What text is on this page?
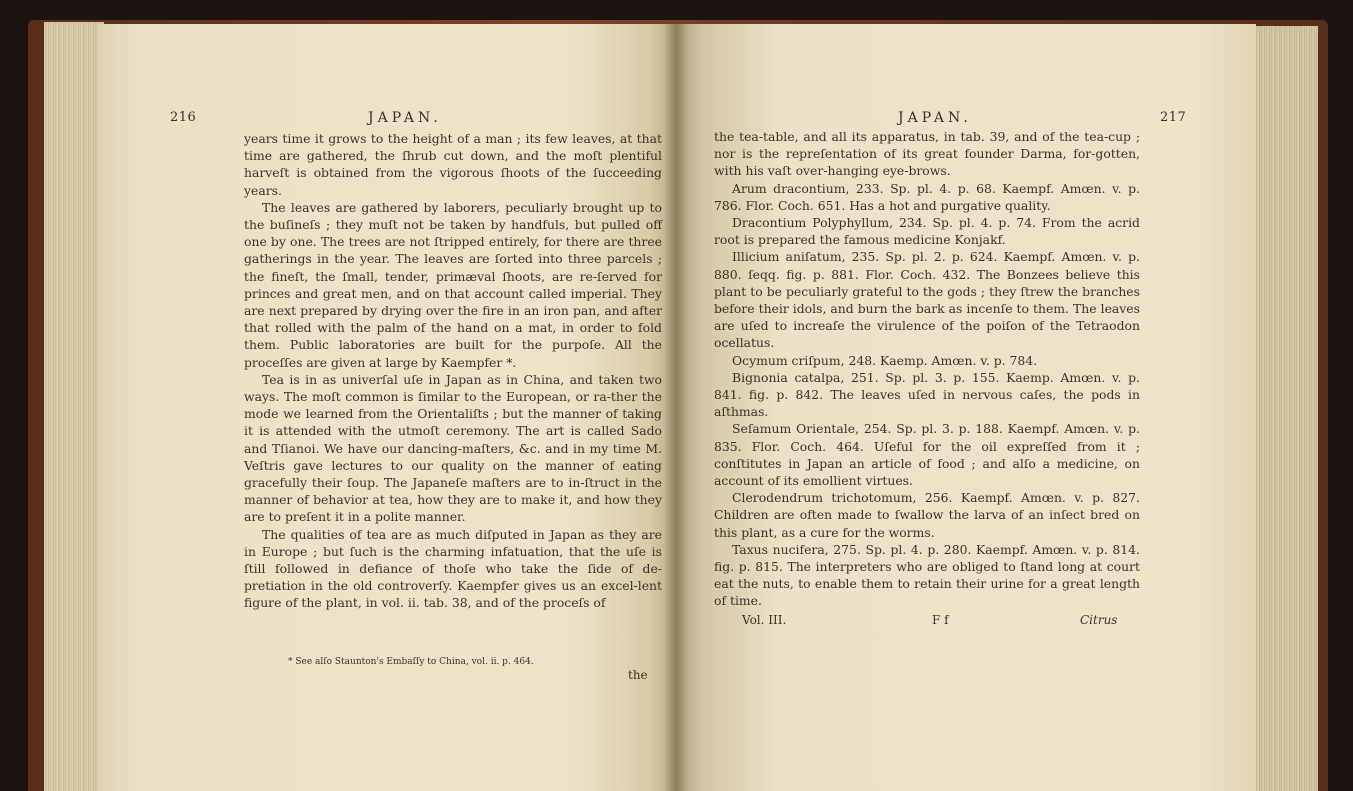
216	JAPAN.

years time it grows to the height of a man ; its few leaves, at that time are gathered, the ſhrub cut down, and the moſt plentiful harveſt is obtained from the vigorous ſhoots of the ſucceeding years.

The leaves are gathered by laborers, peculiarly brought up to the buſineſs ; they muſt not be taken by handfuls, but pulled off one by one. The trees are not ſtripped entirely, for there are three gatherings in the year. The leaves are ſorted into three parcels ; the fineſt, the ſmall, tender, primæval ſhoots, are re-ſerved for princes and great men, and on that account called imperial. They are next prepared by drying over the fire in an iron pan, and after that rolled with the palm of the hand on a mat, in order to fold them. Public laboratories are built for the purpoſe. All the proceſſes are given at large by Kaempfer *.

Tea is in as univerſal uſe in Japan as in China, and taken two ways. The moſt common is ſimilar to the European, or ra-ther the mode we learned from the Orientaliſts ; but the manner of taking it is attended with the utmoſt ceremony. The art is called Sado and Tſianoi. We have our dancing-maſters, &c. and in my time M. Veſtris gave lectures to our quality on the manner of eating gracefully their ſoup. The Japaneſe maſters are to in-ſtruct in the manner of behavior at tea, how they are to make it, and how they are to preſent it in a polite manner.

The qualities of tea are as much diſputed in Japan as they are in Europe ; but ſuch is the charming infatuation, that the uſe is ſtill followed in defiance of thoſe who take the ſide of de-pretiation in the old controverſy. Kaempfer gives us an excel-lent figure of the plant, in vol. ii. tab. 38, and of the proceſs of

* See alſo Staunton's Embaſſy to China, vol. ii. p. 464.
the
JAPAN.	217

the tea-table, and all its apparatus, in tab. 39, and of the tea-cup ; nor is the repreſentation of its great founder Darma, for-gotten, with his vaſt over-hanging eye-brows.

Arum dracontium, 233. Sp. pl. 4. p. 68. Kaempf. Amœn. v. p. 786. Flor. Coch. 651. Has a hot and purgative quality.

Dracontium Polyphyllum, 234. Sp. pl. 4. p. 74. From the acrid root is prepared the famous medicine Konjakf.

Illicium aniſatum, 235. Sp. pl. 2. p. 624. Kaempf. Amœn. v. p. 880. ſeqq. fig. p. 881. Flor. Coch. 432. The Bonzees believe this plant to be peculiarly grateful to the gods ; they ſtrew the branches before their idols, and burn the bark as incenſe to them. The leaves are uſed to increaſe the virulence of the poiſon of the Tetraodon ocellatus.

Ocymum criſpum, 248. Kaemp. Amœn. v. p. 784.

Bignonia catalpa, 251. Sp. pl. 3. p. 155. Kaemp. Amœn. v. p. 841. fig. p. 842. The leaves uſed in nervous caſes, the pods in aſthmas.

Seſamum Orientale, 254. Sp. pl. 3. p. 188. Kaempf. Amœn. v. p. 835. Flor. Coch. 464. Uſeful for the oil expreſſed from it ; conſtitutes in Japan an article of food ; and alſo a medicine, on account of its emollient virtues.

Clerodendrum trichotomum, 256. Kaempf. Amœn. v. p. 827. Children are often made to ſwallow the larva of an inſect bred on this plant, as a cure for the worms.

Taxus nucifera, 275. Sp. pl. 4. p. 280. Kaempf. Amœn. v. p. 814. fig. p. 815. The interpreters who are obliged to ſtand long at court eat the nuts, to enable them to retain their urine for a great length of time.

Vol. III.	F f	Citrus
